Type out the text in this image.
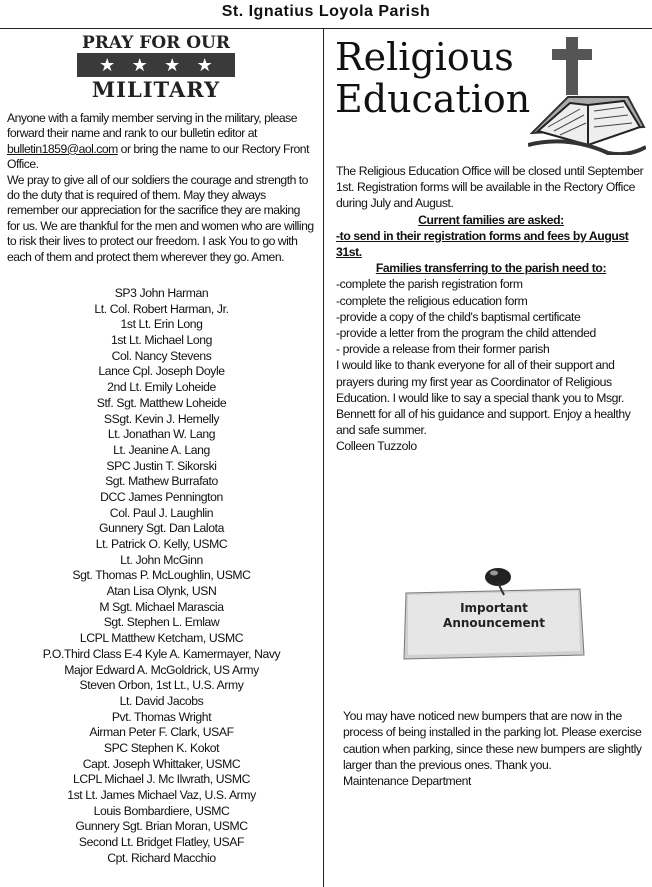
St. Ignatius Loyola Parish
PRAY FOR OUR
★ ★ ★ ★
MILITARY

Anyone with a family member serving in the military, please forward their name and rank to our bulletin editor at bulletin1859@aol.com or bring the name to our Rectory Front Office.

We pray to give all of our soldiers the courage and strength to do the duty that is required of them. May they always remember our appreciation for the sacrifice they are making for us. We are thankful for the men and women who are willing to risk their lives to protect our freedom. I ask You to go with each of them and protect them wherever they go. Amen.

SP3 John Harman
Lt. Col. Robert Harman, Jr.
1st Lt. Erin Long
1st Lt. Michael Long
Col. Nancy Stevens
Lance Cpl. Joseph Doyle
2nd Lt. Emily Loheide
Stf. Sgt. Matthew Loheide
SSgt. Kevin J. Hemelly
Lt. Jonathan W. Lang
Lt. Jeanine A. Lang
SPC Justin T. Sikorski
Sgt. Mathew Burrafato
DCC James Pennington
Col. Paul J. Laughlin
Gunnery Sgt. Dan Lalota
Lt. Patrick O. Kelly, USMC
Lt. John McGinn
Sgt. Thomas P. McLoughlin, USMC
Atan Lisa Olynk, USN
M Sgt. Michael Marascia
Sgt. Stephen L. Emlaw
LCPL Matthew Ketcham, USMC
P.O.Third Class E-4 Kyle A. Kamermayer, Navy
Major Edward A. McGoldrick, US Army
Steven Orbon, 1st Lt., U.S. Army
Lt. David Jacobs
Pvt. Thomas Wright
Airman Peter F. Clark, USAF
SPC Stephen K. Kokot
Capt. Joseph Whittaker, USMC
LCPL Michael J. Mc Ilwrath, USMC
1st Lt. James Michael Vaz, U.S. Army
Louis Bombardiere, USMC
Gunnery Sgt. Brian Moran, USMC
Second Lt. Bridget Flatley, USAF
Cpt. Richard Macchio
Religious
Education

The Religious Education Office will be closed until September 1st. Registration forms will be available in the Rectory Office during July and August.

Current families are asked:

-to send in their registration forms and fees by August 31st.

Families transferring to the parish need to:

-complete the parish registration form

-complete the religious education form

-provide a copy of the child's baptismal certificate

-provide a letter from the program the child attended

- provide a release from their former parish

I would like to thank everyone for all of their support and prayers during my first year as Coordinator of Religious Education. I would like to say a special thank you to Msgr. Bennett for all of his guidance and support. Enjoy a healthy and safe summer.

Colleen Tuzzolo

Important
Announcement

You may have noticed new bumpers that are now in the process of being installed in the parking lot. Please exercise caution when parking, since these new bumpers are slightly larger than the previous ones. Thank you.

Maintenance Department
